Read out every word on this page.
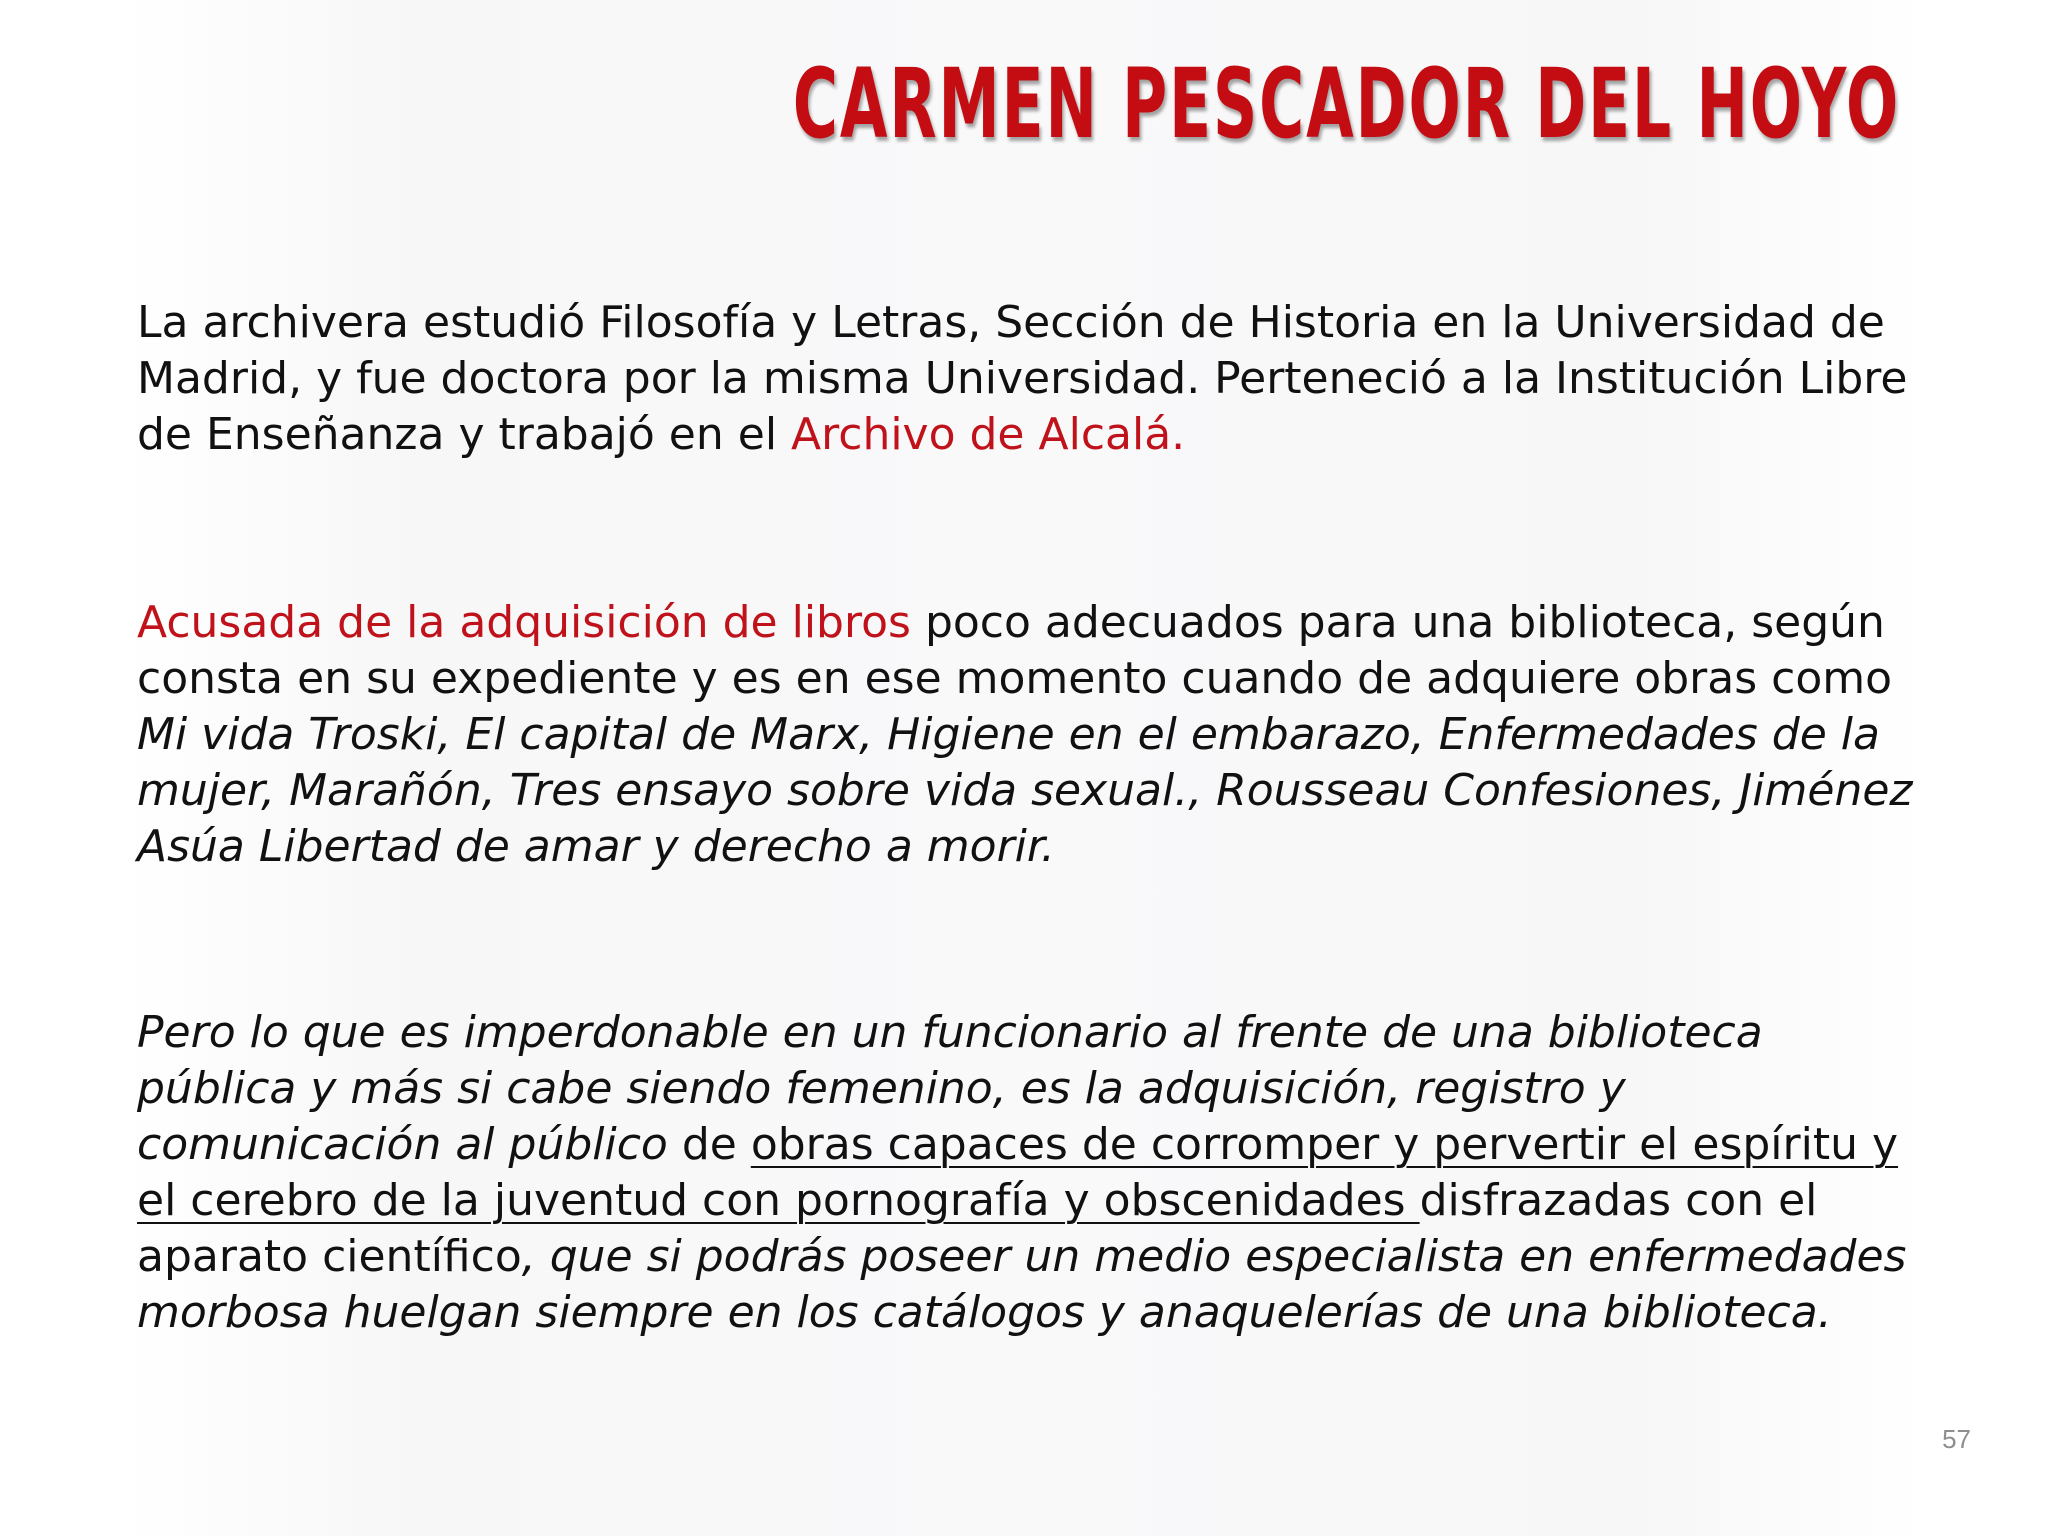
CARMEN PESCADOR DEL HOYO

La archivera estudió Filosofía y Letras, Sección de Historia en la Universidad de Madrid, y fue doctora por la misma Universidad. Perteneció a la Institución Libre de Enseñanza y trabajó en el Archivo de Alcalá.

Acusada de la adquisición de libros poco adecuados para una biblioteca, según consta en su expediente y es en ese momento cuando de adquiere obras como Mi vida Troski, El capital de Marx, Higiene en el embarazo, Enfermedades de la mujer, Marañón, Tres ensayo sobre vida sexual., Rousseau Confesiones, Jiménez Asúa Libertad de amar y derecho a morir.

Pero lo que es imperdonable en un funcionario al frente de una biblioteca pública y más si cabe siendo femenino, es la adquisición, registro y comunicación al público de obras capaces de corromper y pervertir el espíritu y el cerebro de la juventud con pornografía y obscenidades disfrazadas con el aparato científico, que si podrás poseer un medio especialista en enfermedades morbosa huelgan siempre en los catálogos y anaquelerías de una biblioteca.

57
